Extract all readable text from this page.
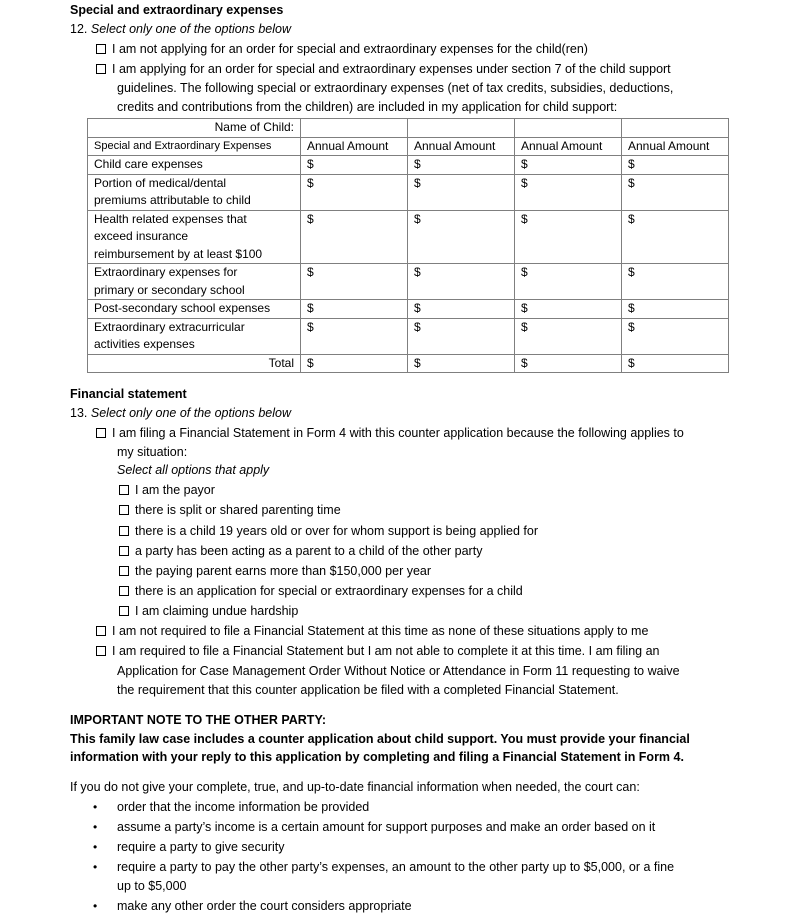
Special and extraordinary expenses
12. Select only one of the options below
I am not applying for an order for special and extraordinary expenses for the child(ren)
I am applying for an order for special and extraordinary expenses under section 7 of the child support
guidelines. The following special or extraordinary expenses (net of tax credits, subsidies, deductions,
credits and contributions from the children) are included in my application for child support:
Name of Child:				
Special and Extraordinary Expenses	Annual Amount	Annual Amount	Annual Amount	Annual Amount

Child care expenses	$	$	$	$

Portion of medical/dental
premiums attributable to child	$	$	$	$

Health related expenses that
exceed insurance
reimbursement by at least $100	$	$	$	$

Extraordinary expenses for
primary or secondary school	$	$	$	$

Post-secondary school expenses	$	$	$	$

Extraordinary extracurricular
activities expenses	$	$	$	$
Total	$	$	$	$
Financial statement
13. Select only one of the options below
I am filing a Financial Statement in Form 4 with this counter application because the following applies to
my situation:
Select all options that apply
I am the payor
there is split or shared parenting time
there is a child 19 years old or over for whom support is being applied for
a party has been acting as a parent to a child of the other party
the paying parent earns more than $150,000 per year
there is an application for special or extraordinary expenses for a child
I am claiming undue hardship
I am not required to file a Financial Statement at this time as none of these situations apply to me
I am required to file a Financial Statement but I am not able to complete it at this time. I am filing an
Application for Case Management Order Without Notice or Attendance in Form 11 requesting to waive
the requirement that this counter application be filed with a completed Financial Statement.
IMPORTANT NOTE TO THE OTHER PARTY:
This family law case includes a counter application about child support. You must provide your financial
information with your reply to this application by completing and filing a Financial Statement in Form 4.
If you do not give your complete, true, and up-to-date financial information when needed, the court can:
• order that the income information be provided
• assume a party’s income is a certain amount for support purposes and make an order based on it
• require a party to give security
• require a party to pay the other party’s expenses, an amount to the other party up to $5,000, or a fine
up to $5,000
• make any other order the court considers appropriate
